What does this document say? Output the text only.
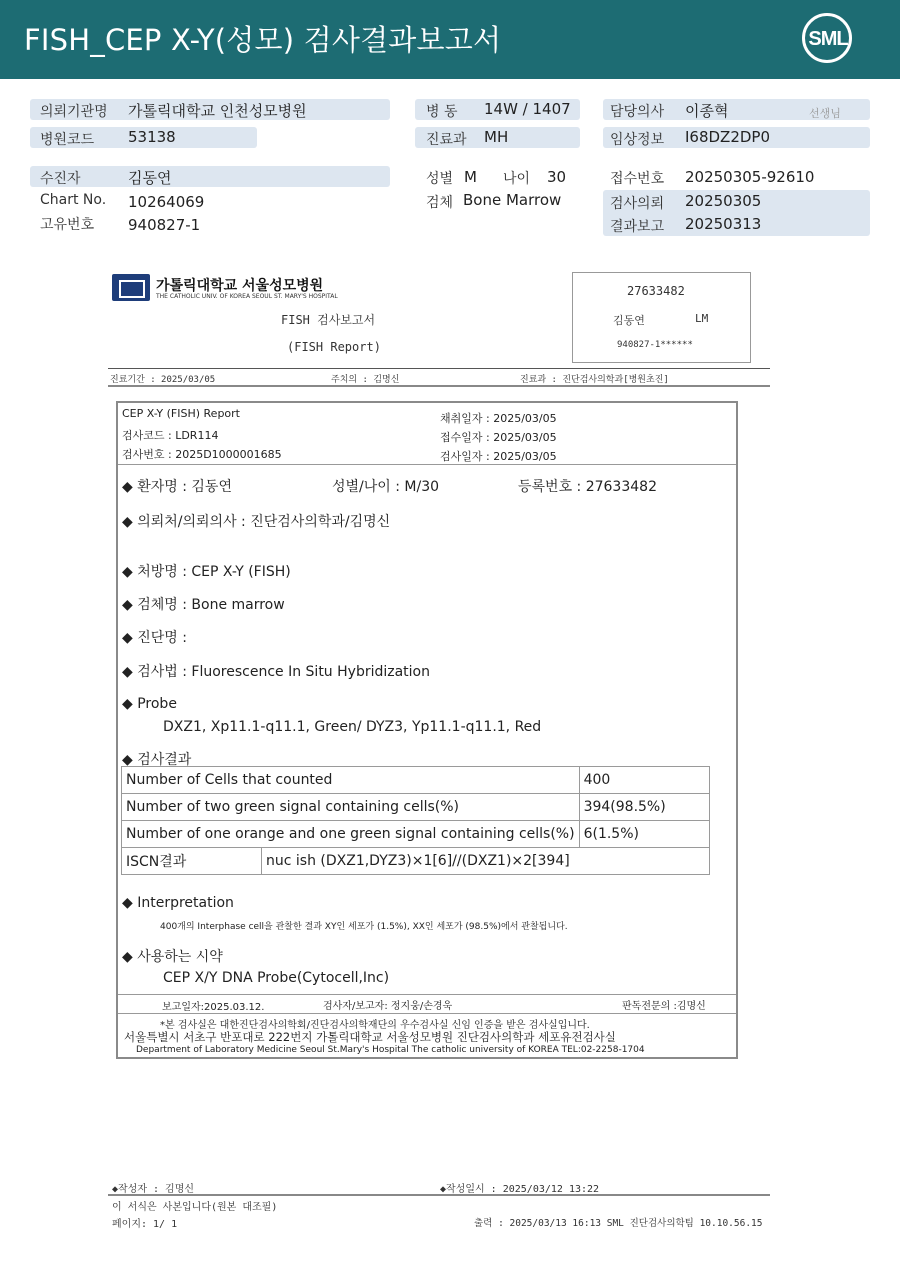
FISH_CEP X-Y(성모) 검사결과보고서	SML
의뢰기관명 가톨릭대학교 인천성모병원
병원코드 53138
병 동 14W / 1407
진료과 MH
담당의사 이종혁	선생님
임상정보 I68DZ2DP0
수진자	김동연
Chart No. 10264069
고유번호 940827-1
성별 M 나이 30
검체 Bone Marrow
접수번호 20250305-92610
검사의뢰 20250305
결과보고 20250313
가톨릭대학교 서울성모병원
THE CATHOLIC UNIV. OF KOREA SEOUL ST. MARY'S HOSPITAL
FISH 검사보고서
(FISH Report)
27633482
김동연	LM
940827-1******
진료기간 : 2025/03/05	주치의 : 김명신	진료과 : 진단검사의학과[병원초진]
CEP X-Y (FISH) Report
검사코드 : LDR114
검사번호 : 2025D1000001685
채취일자 : 2025/03/05
접수일자 : 2025/03/05
검사일자 : 2025/03/05
◆ 환자명 : 김동연	성별/나이 : M/30	등록번호 : 27633482
◆ 의뢰처/의뢰의사 : 진단검사의학과/김명신
◆ 처방명 : CEP X-Y (FISH)
◆ 검체명 : Bone marrow
◆ 진단명 :
◆ 검사법 : Fluorescence In Situ Hybridization
◆ Probe
DXZ1, Xp11.1-q11.1, Green/ DYZ3, Yp11.1-q11.1, Red
◆ 검사결과
Number of Cells that counted		400
Number of two green signal containing cells(%)		394(98.5%)
Number of one orange and one green signal containing cells(%)		6(1.5%)
ISCN결과	nuc ish (DXZ1,DYZ3)×1[6]//(DXZ1)×2[394]	
◆ Interpretation
400개의 Interphase cell을 관찰한 결과 XY인 세포가 (1.5%), XX인 세포가 (98.5%)에서 관찰됩니다.
◆ 사용하는 시약
CEP X/Y DNA Probe(Cytocell,Inc)
보고일자:2025.03.12.	검사자/보고자: 정지웅/손경욱	판독전문의 :김명신
*본 검사실은 대한진단검사의학회/진단검사의학재단의 우수검사실 신임 인증을 받은 검사실입니다.
서울특별시 서초구 반포대로 222번지 가톨릭대학교 서울성모병원 진단검사의학과 세포유전검사실
Department of Laboratory Medicine Seoul St.Mary's Hospital The catholic university of KOREA TEL:02-2258-1704
◆작성자 : 김명신	◆작성일시 : 2025/03/12 13:22
이 서식은 사본입니다(원본 대조필)
페이지: 1/ 1	출력 : 2025/03/13 16:13 SML 진단검사의학팀 10.10.56.15
